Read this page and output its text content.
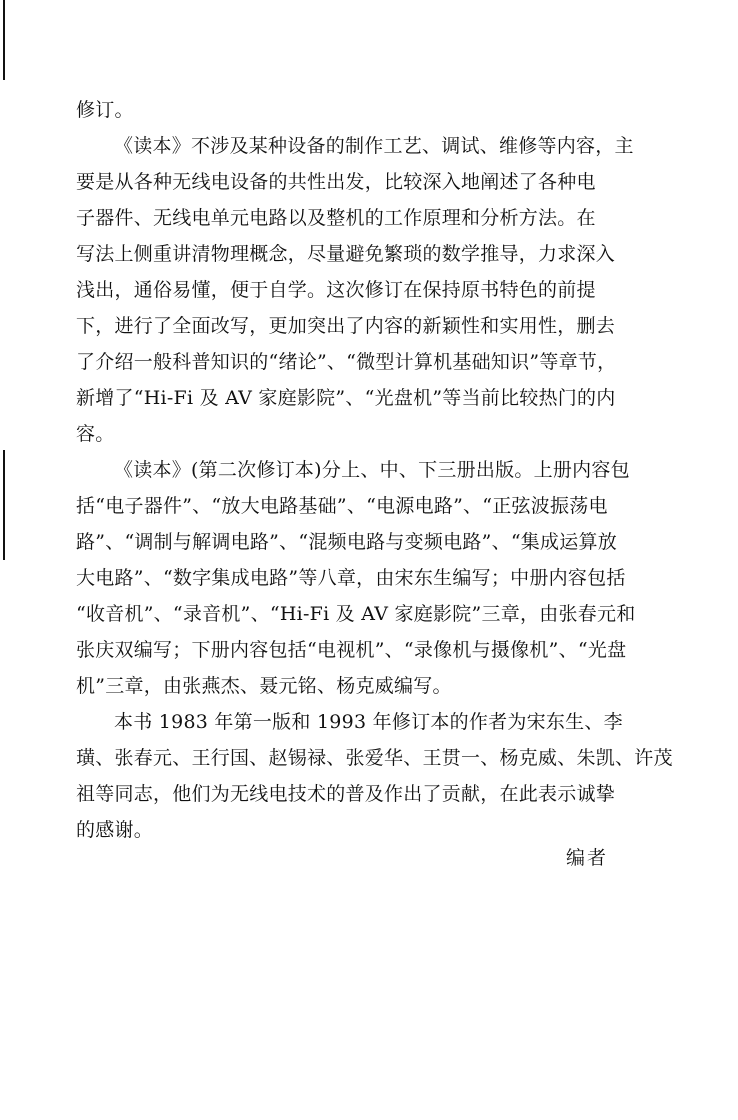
修订。
《读本》不涉及某种设备的制作工艺、调试、维修等内容，主
要是从各种无线电设备的共性出发，比较深入地阐述了各种电
子器件、无线电单元电路以及整机的工作原理和分析方法。在
写法上侧重讲清物理概念，尽量避免繁琐的数学推导，力求深入
浅出，通俗易懂，便于自学。这次修订在保持原书特色的前提
下，进行了全面改写，更加突出了内容的新颖性和实用性，删去
了介绍一般科普知识的“绪论”、“微型计算机基础知识”等章节，
新增了“Hi-Fi 及 AV 家庭影院”、“光盘机”等当前比较热门的内
容。
《读本》(第二次修订本)分上、中、下三册出版。上册内容包
括“电子器件”、“放大电路基础”、“电源电路”、“正弦波振荡电
路”、“调制与解调电路”、“混频电路与变频电路”、“集成运算放
大电路”、“数字集成电路”等八章，由宋东生编写；中册内容包括
“收音机”、“录音机”、“Hi-Fi 及 AV 家庭影院”三章，由张春元和
张庆双编写；下册内容包括“电视机”、“录像机与摄像机”、“光盘
机”三章，由张燕杰、聂元铭、杨克威编写。
本书 1983 年第一版和 1993 年修订本的作者为宋东生、李
璜、张春元、王行国、赵锡禄、张爱华、王贯一、杨克威、朱凯、许茂
祖等同志，他们为无线电技术的普及作出了贡献，在此表示诚挚
的感谢。
编者
